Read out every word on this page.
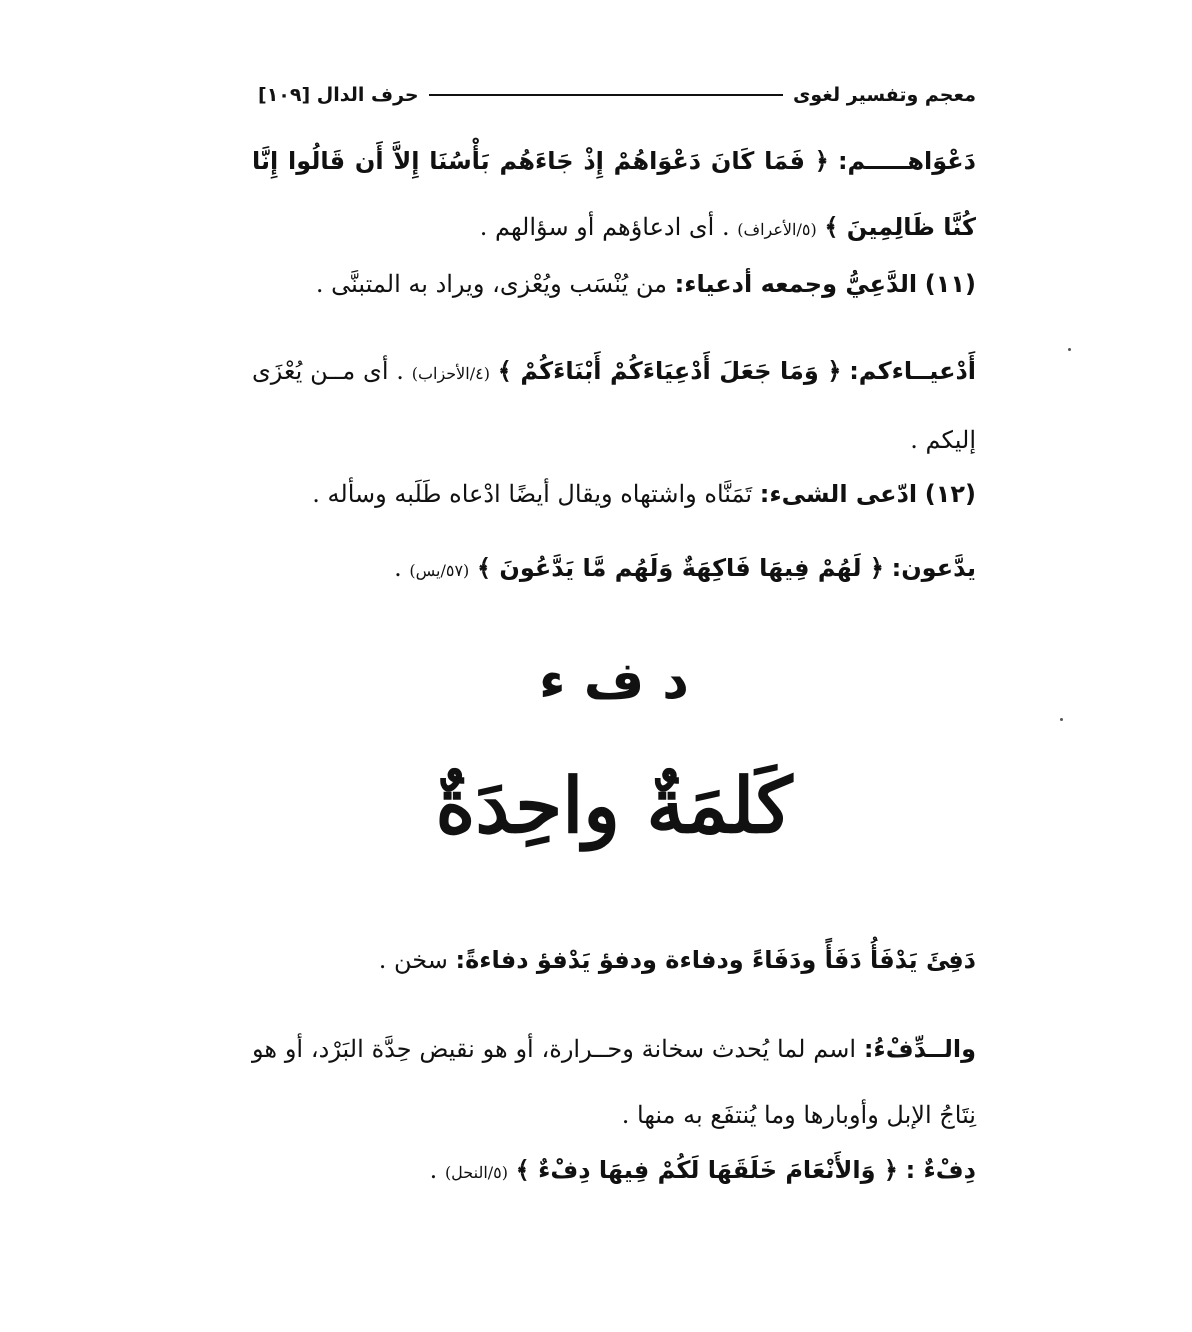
معجم وتفسير لغوى
حرف الدال [١٠٩]
دَعْوَاهـــــم: ﴿ فَمَا كَانَ دَعْوَاهُمْ إِذْ جَاءَهُم بَأْسُنَا إِلاَّ أَن قَالُوا إِنَّا كُنَّا ظَالِمِينَ ﴾ (٥/الأعراف) . أى ادعاؤهم أو سؤالهم .
(١١) الدَّعِيُّ وجمعه أدعياء: من يُنْسَب ويُعْزى، ويراد به المتبنَّى .
أَدْعيــاءكم: ﴿ وَمَا جَعَلَ أَدْعِيَاءَكُمْ أَبْنَاءَكُمْ ﴾ (٤/الأحزاب) . أى مــن يُعْزَى إليكم .
(١٢) ادّعى الشىء: تَمَنَّاه واشتهاه ويقال أيضًا ادْعاه طَلَبه وسأله .
يدَّعون: ﴿ لَهُمْ فِيهَا فَاكِهَةٌ وَلَهُم مَّا يَدَّعُونَ ﴾ (٥٧/يس) .
د ف ء
كَلمَةٌ واحِدَةٌ
دَفِئَ يَدْفَأُ دَفَأً ودَفَاءً ودفاءة ودفؤ يَدْفؤ دفاءةً: سخن .
والــدِّفْءُ: اسم لما يُحدث سخانة وحــرارة، أو هو نقيض حِدَّة البَرْد، أو هو نِتَاجُ الإبل وأوبارها وما يُنتفَع به منها .
دِفْءٌ : ﴿ وَالأَنْعَامَ خَلَقَهَا لَكُمْ فِيهَا دِفْءٌ ﴾ (٥/النحل) .
